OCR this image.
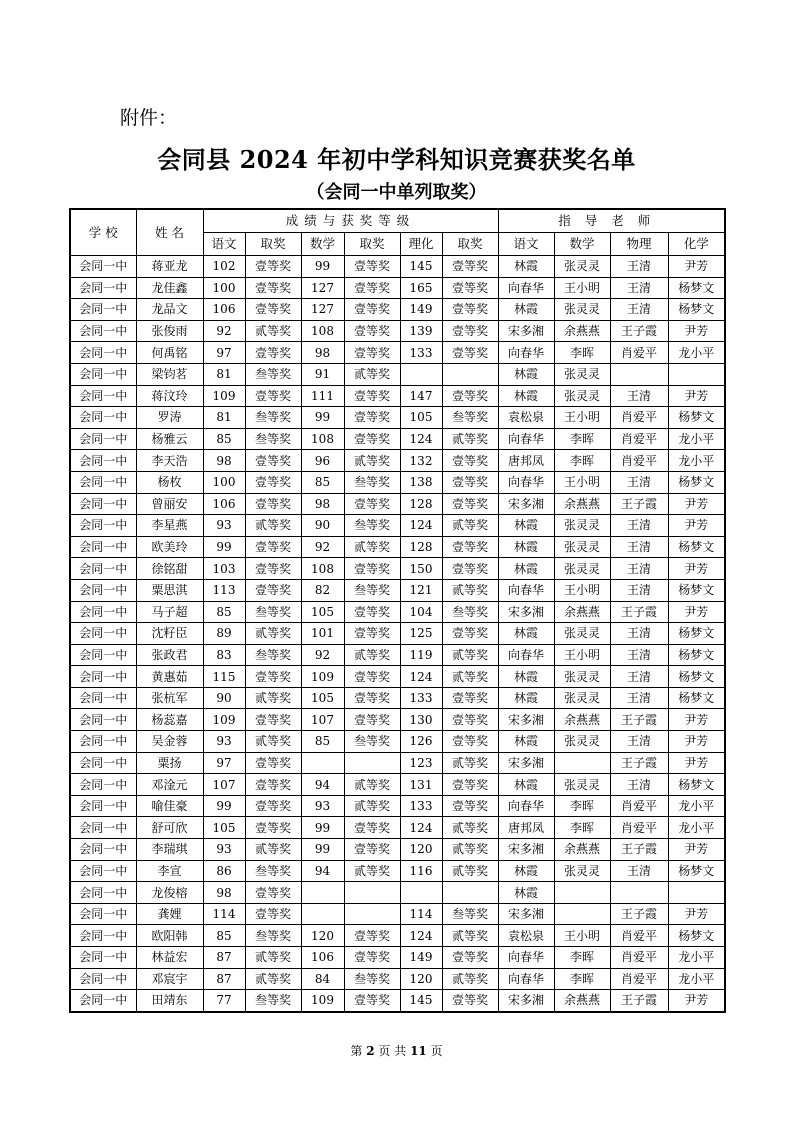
附件：
会同县 2024 年初中学科知识竞赛获奖名单
（会同一中单列取奖）
学 校	姓 名	成绩与获奖等级						指导老师			
		语文	取奖	数学	取奖	理化	取奖	语文	数学	物理	化学
会同一中	蒋亚龙	102	壹等奖	99	壹等奖	145	壹等奖	林霞	张灵灵	王清	尹芳
会同一中	龙佳鑫	100	壹等奖	127	壹等奖	165	壹等奖	向春华	王小明	王清	杨梦文
会同一中	龙品文	106	壹等奖	127	壹等奖	149	壹等奖	林霞	张灵灵	王清	杨梦文
会同一中	张俊雨	92	贰等奖	108	壹等奖	139	壹等奖	宋多湘	余燕燕	王子霞	尹芳
会同一中	何禹铭	97	壹等奖	98	壹等奖	133	壹等奖	向春华	李晖	肖爱平	龙小平
会同一中	梁钧茗	81	叁等奖	91	贰等奖			林霞	张灵灵		
会同一中	蒋汶玲	109	壹等奖	111	壹等奖	147	壹等奖	林霞	张灵灵	王清	尹芳
会同一中	罗涛	81	叁等奖	99	壹等奖	105	叁等奖	袁松泉	王小明	肖爱平	杨梦文
会同一中	杨雅云	85	叁等奖	108	壹等奖	124	贰等奖	向春华	李晖	肖爱平	龙小平
会同一中	李天浩	98	壹等奖	96	贰等奖	132	壹等奖	唐邦凤	李晖	肖爱平	龙小平
会同一中	杨枚	100	壹等奖	85	叁等奖	138	壹等奖	向春华	王小明	王清	杨梦文
会同一中	曾丽安	106	壹等奖	98	壹等奖	128	壹等奖	宋多湘	余燕燕	王子霞	尹芳
会同一中	李星燕	93	贰等奖	90	叁等奖	124	贰等奖	林霞	张灵灵	王清	尹芳
会同一中	欧美玲	99	壹等奖	92	贰等奖	128	壹等奖	林霞	张灵灵	王清	杨梦文
会同一中	徐铭甜	103	壹等奖	108	壹等奖	150	壹等奖	林霞	张灵灵	王清	尹芳
会同一中	粟思淇	113	壹等奖	82	叁等奖	121	贰等奖	向春华	王小明	王清	杨梦文
会同一中	马子超	85	叁等奖	105	壹等奖	104	叁等奖	宋多湘	余燕燕	王子霞	尹芳
会同一中	沈籽臣	89	贰等奖	101	壹等奖	125	壹等奖	林霞	张灵灵	王清	杨梦文
会同一中	张政君	83	叁等奖	92	贰等奖	119	贰等奖	向春华	王小明	王清	杨梦文
会同一中	黄惠茹	115	壹等奖	109	壹等奖	124	贰等奖	林霞	张灵灵	王清	杨梦文
会同一中	张杭军	90	贰等奖	105	壹等奖	133	壹等奖	林霞	张灵灵	王清	杨梦文
会同一中	杨蕊嘉	109	壹等奖	107	壹等奖	130	壹等奖	宋多湘	余燕燕	王子霞	尹芳
会同一中	吴金蓉	93	贰等奖	85	叁等奖	126	壹等奖	林霞	张灵灵	王清	尹芳
会同一中	粟扬	97	壹等奖			123	贰等奖	宋多湘		王子霞	尹芳
会同一中	邓淦元	107	壹等奖	94	贰等奖	131	壹等奖	林霞	张灵灵	王清	杨梦文
会同一中	喻佳豪	99	壹等奖	93	贰等奖	133	壹等奖	向春华	李晖	肖爱平	龙小平
会同一中	舒可欣	105	壹等奖	99	壹等奖	124	贰等奖	唐邦凤	李晖	肖爱平	龙小平
会同一中	李瑞琪	93	贰等奖	99	壹等奖	120	贰等奖	宋多湘	余燕燕	王子霞	尹芳
会同一中	李宣	86	叁等奖	94	贰等奖	116	贰等奖	林霞	张灵灵	王清	杨梦文
会同一中	龙俊榕	98	壹等奖					林霞			
会同一中	龚娌	114	壹等奖			114	叁等奖	宋多湘		王子霞	尹芳
会同一中	欧阳韩	85	叁等奖	120	壹等奖	124	贰等奖	袁松泉	王小明	肖爱平	杨梦文
会同一中	林益宏	87	贰等奖	106	壹等奖	149	壹等奖	向春华	李晖	肖爱平	龙小平
会同一中	邓宸宇	87	贰等奖	84	叁等奖	120	贰等奖	向春华	李晖	肖爱平	龙小平
会同一中	田靖东	77	叁等奖	109	壹等奖	145	壹等奖	宋多湘	余燕燕	王子霞	尹芳
第 2 页 共 11 页
